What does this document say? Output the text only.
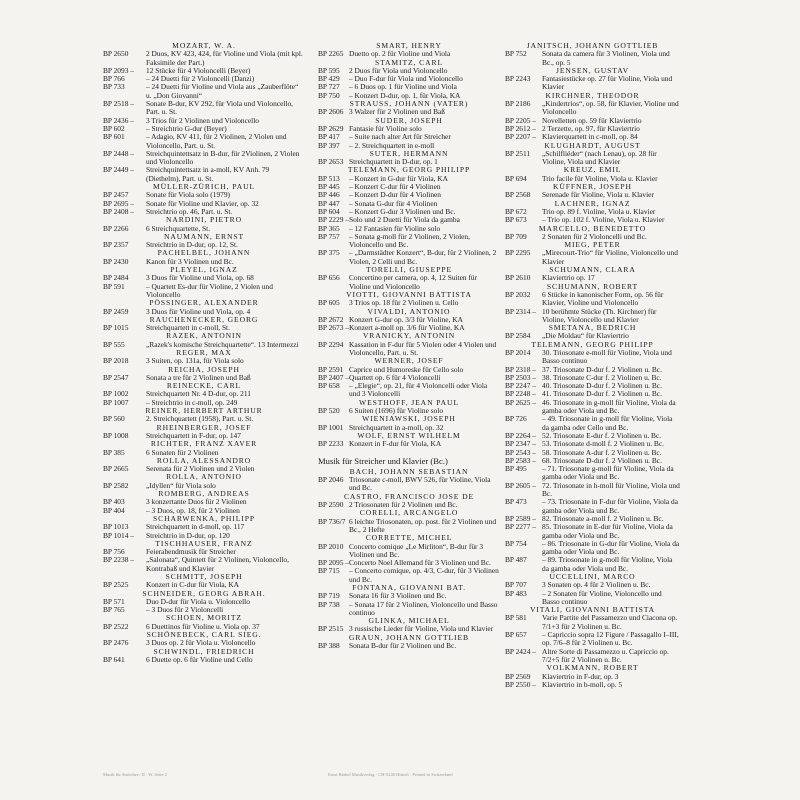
MOZART, W. A.
BP 2650	2 Duos, KV 423, 424, für Violine und Viola (mit kpl. Faksimile der Part.)
BP 2093 –	12 Stücke für 4 Violoncelli (Beyer)
BP 766	– 24 Duetti für 2 Violoncelli (Danzi)
BP 733	– 24 Duetti für Violine und Viola aus „Zauberflöte“ u. „Don Giovanni“
BP 2518 –	Sonate B-dur, KV 292, für Viola und Violoncello, Part. u. St.
BP 2436 –	3 Trios für 2 Violinen und Violoncello
BP 602	– Streichtrio G-dur (Beyer)
BP 601	– Adagio, KV 411, für 2 Violinen, 2 Violen und Violoncello, Part. u. St.
BP 2448 –	Streichquintettsatz in B-dur, für 2Violinen, 2 Violen und Violoncello
BP 2449 –	Streichquintettsatz in a-moll, KV Anh. 79 (Diethelm), Part. u. St.
MÜLLER-ZÜRICH, PAUL
BP 2457	Sonate für Viola solo (1979)
BP 2695 –	Sonate für Violine und Klavier, op. 32
BP 2408 –	Streichtrio op. 46, Part. u. St.
NARDINI, PIETRO
BP 2266	6 Streichquartette, St.
NAUMANN, ERNST
BP 2357	Streichtrio in D-dur, op. 12, St.
PACHELBEL, JOHANN
BP 2430	Kanon für 3 Violinen und Bc.
PLEYEL, IGNAZ
BP 2484	3 Duos für Violine und Viola, op. 68
BP 591	– Quartett Es-dur für Violine, 2 Violen und Violoncello
PÖSSINGER, ALEXANDER
BP 2459	3 Duos für Violine und Viola, op. 4
RAUCHENECKER, GEORG
BP 1015	Streichquartett in c-moll, St.
RAZEK, ANTONIN
BP 555	„Razek's komische Streichquartette“. 13 Intermezzi
REGER, MAX
BP 2018	3 Suiten, op. 131a, für Viola solo
REICHA, JOSEPH
BP 2547	Sonata a tre für 2 Violinen und Baß
REINECKE, CARL
BP 1002	Streichquartett Nr. 4 D-dur, op. 211
BP 1007	– Streichtrio in c-moll, op. 249
REINER, HERBERT ARTHUR
BP 560	2. Streichquartett (1958), Part. u. St.
RHEINBERGER, JOSEF
BP 1008	Streichquartett in F-dur, op. 147
RICHTER, FRANZ XAVER
BP 385	6 Sonaten für 2 Violinen
ROLLA, ALESSANDRO
BP 2665	Serenata für 2 Violinen und 2 Violen
ROLLA, ANTONIO
BP 2582	„Idyllen“ für Viola solo
ROMBERG, ANDREAS
BP 403	3 konzertante Duos für 2 Violinen
BP 404	– 3 Duos, op. 18, für 2 Violinen
SCHARWENKA, PHILIPP
BP 1013	Streichquartett in d-moll, op. 117
BP 1014 –	Streichtrio in D-dur, op. 120
TISCHHAUSER, FRANZ
BP 756	Feierabendmusik für Streicher
BP 2238 –	„Salonata“, Quintett für 2 Violinen, Violoncello, Kontrabaß und Klavier
SCHMITT, JOSEPH
BP 2525	Konzert in C-dur für Viola, KA
SCHNEIDER, GEORG ABRAH.
BP 571	Duo D-dur für Viola u. Violoncello
BP 765	– 3 Duos für 2 Violoncelli
SCHOEN, MORITZ
BP 2522	6 Duettinos für Violine u. Viola op. 37
SCHÖNEBECK, CARL SIEG.
BP 2476	3 Duos op. 2 für Viola u. Violoncello
SCHWINDL, FRIEDRICH
BP 641	6 Duette op. 6 für Violine und Cello
SMART, HENRY
BP 2265 Duetto op. 2 für Violine und Viola
STAMITZ, CARL
BP 595	2 Duos für Viola und Violoncello
BP 429	– Duo F-dur für Viola und Violoncello
BP 727	– 6 Duos op. 1 für Violine und Viola
BP 750	– Konzert D-dur, op. 1, für Viola, KA
STRAUSS, JOHANN (VATER)
BP 2606 3 Walzer für 2 Violinen und Baß
SUDER, JOSEPH
BP 2629 Fantasie für Violine solo
BP 417	– Suite nach alter Art für Streicher
BP 397	– 2. Streichquartett in e-moll
SUTER, HERMANN
BP 2653 Streichquartett in D-dur, op. 1
TELEMANN, GEORG PHILIPP
BP 513	– Konzert in G-dur für Viola, KA
BP 445	– Konzert C-dur für 4 Violinen
BP 446	– Konzert D-dur für 4 Violinen
BP 447	– Sonata G-dur für 4 Violinen
BP 604	– Konzert G-dur 3 Violinen und Bc.
BP 2229 – Solo und 2 Duetti für Viola da gamba
BP 365	– 12 Fantasien für Violine solo
BP 757	– Sonata g-moll für 2 Violinen, 2 Violen, Violoncello und Bc.
BP 375	– „Darmstädter Konzert“, B-dur, für 2 Violinen, 2 Violen, 2 Celli und Bc.
TORELLI, GIUSEPPE
BP 656	Concertino per camera, op. 4, 12 Suiten für Violine und Violoncello
VIOTTI, GIOVANNI BATTISTA
BP 605	3 Trios op. 18 für 2 Violinen u. Cello
VIVALDI, ANTONIO
BP 2672 Konzert G-dur op. 3/3 für Violine, KA
BP 2673 – Konzert a-moll op. 3/6 für Violine, KA
VRANICKY, ANTONIN
BP 2294 Kassation in F-dur für 5 Violen oder 4 Violen und Violoncello, Part. u. St.
WERNER, JOSEF
BP 2591 Caprice und Humoreske für Cello solo
BP 2407 – Quartett op. 6 für 4 Violoncelli
BP 658	– „Elegie“, op. 21, für 4 Violoncelli oder Viola und 3 Violoncelli
WESTHOFF, JEAN PAUL
BP 520	6 Suiten (1696) für Violine solo
WIENIAWSKI, JOSEPH
BP 1001 Streichquartett in a-moll, op. 32
WOLF, ERNST WILHELM
BP 2233 Konzert in F-dur für Viola, KA
Musik für Streicher und Klavier (Bc.)
BACH, JOHANN SEBASTIAN
BP 2046 Triosonate c-moll, BWV 526, für Violine, Viola und Bc.
CASTRO, FRANCISCO JOSE DE
BP 2590 2 Triosonaten für 2 Violinen und Bc.
CORELLI, ARCANGELO
BP 736/7 6 leichte Triosonaten, op. post. für 2 Violinen und Bc., 2 Hefte
CORRETTE, MICHEL
BP 2010 Concerto comique „Le Mirliton“, B-dur für 3 Violinen und Bc.
BP 2095 – Concerto Noel Allemand für 3 Violinen und Bc.
BP 715	– Concerto comique, op. 4/3, C-dur, für 3 Violinen und Bc.
FONTANA, GIOVANNI BAT.
BP 719	Sonata 16 für 3 Violinen und Bc.
BP 738	– Sonata 17 für 2 Violinen, Violoncello und Basso continuo
GLINKA, MICHAEL
BP 2515 3 russische Lieder für Violine, Viola und Klavier
GRAUN, JOHANN GOTTLIEB
BP 388	Sonata B-dur für 2 Violinen und Bc.
JANITSCH, JOHANN GOTTLIEB
BP 752	Sonata da camera für 3 Violinen, Viola und Bc., op. 5
JENSEN, GUSTAV
BP 2243	Fantasiestücke op. 27 für Violine, Viola und Klavier
KIRCHNER, THEODOR
BP 2186	„Kindertrios“, op. 58, für Klavier, Violine und Violoncello
BP 2205 – Novelletten op. 59 für Klaviertrio
BP 2612 – 2 Terzette, op. 97, für Klaviertrio
BP 2207 – Klavierquartett in c-moll, op. 84
KLUGHARDT, AUGUST
BP 2511	„Schilfliéder“ (nach Lenau), op. 28 für Violine, Viola und Klavier
KREUZ, EMIL
BP 694	Trio facile für Violine, Viola u. Klavier
KÜFFNER, JOSEPH
BP 2568	Serenade für Violine, Viola u. Klavier
LACHNER, IGNAZ
BP 672	Trio op. 89 f. Violine, Viola u. Klavier
BP 673	– Trio op. 102 f. Violine, Viola u. Klavier
MARCELLO, BENEDETTO
BP 709	2 Sonaten für 2 Violoncelli und Bc.
MIEG, PETER
BP 2295	„Mirecourt-Trio“ für Violine, Violoncello und Klavier
SCHUMANN, CLARA
BP 2610	Klaviertrio op. 17
SCHUMANN, ROBERT
BP 2032	6 Stücke in kanonischer Form, op. 56 für Klavier, Violine und Violoncello
BP 2314 – 10 berühmte Stücke (Th. Kirchner) für Violine, Violoncello und Klavier
SMETANA, BEDRICH
BP 2584	„Die Moldau“ für Klaviertrio
TELEMANN, GEORG PHILIPP
BP 2014	30. Triosonate e-moll für Violine, Viola und Basso continuo
BP 2318 – 37. Triosonate D-dur f. 2 Violinen u. Bc.
BP 2503 – 38. Triosonate C-dur f. 2 Violinen u. Bc.
BP 2247 – 40. Triosonate D-dur f. 2 Violinen u. Bc.
BP 2248 – 41. Triosonate D-dur f. 2 Violinen u. Bc.
BP 2625 – 46. Triosonate in g-moll für Violine, Viola da gamba oder Viola und Bc.
BP 726	– 49. Triosonate in g-moll für Violine, Viola da gamba oder Cello und Bc.
BP 2264 – 52. Triosonate E-dur f. 2 Violinen u. Bc.
BP 2347 – 53. Triosonate d-moll f. 2 Violinen u. Bc.
BP 2543 – 58. Triosonate A-dur f. 2 Violinen u. Bc.
BP 2583 – 68. Triosonate D-dur f. 2 Violinen u. Bc.
BP 495	– 71. Triosonate g-moll für Violine, Viola da gamba oder Viola und Bc.
BP 2605 – 72. Triosonate in h-moll für Violine, Viola und Bc.
BP 473	– 73. Triosonate in F-dur für Violine, Viola da gamba oder Viola und Bc.
BP 2589 – 82. Triosonate a-moll f. 2 Violinen u. Bc.
BP 2277 – 85. Triosonate in E-dur für Violine, Viola da gamba oder Viola und Bc.
BP 754	– 86. Triosonate in G-dur für Violine, Viola da gamba oder Viola und Bc.
BP 487	– 89. Triosonate in g-moll für Violine, Viola da gamba oder Viola und Bc.
UCCELLINI, MARCO
BP 707	3 Sonaten op. 4 für 2 Violinen u. Bc.
BP 483	– 2 Sonaten für Violine, Violoncello und Basso continuo
VITALI, GIOVANNI BATTISTA
BP 581	Varie Partite del Passamezzo und Ciacona op. 7/1+3 für 2 Violinen u. Bc.
BP 657	– Capriccio sopra 12 Figure / Passagallo I–III, op. 7/6–8 für 2 Violinen u. Bc.
BP 2424 – Altre Sorte di Passamezzo u. Capriccio op. 7/2+5 für 2 Violinen u. Bc.
VOLKMANN, ROBERT
BP 2569	Klaviertrio in F-dur, op. 3
BP 2550 – Klaviertrio in b-moll, op. 5
Musik für Streicher / II · W. Seite 2	Ernst Bärbel Musikverlag · CH-5240 Hinwil · Printed in Switzerland
